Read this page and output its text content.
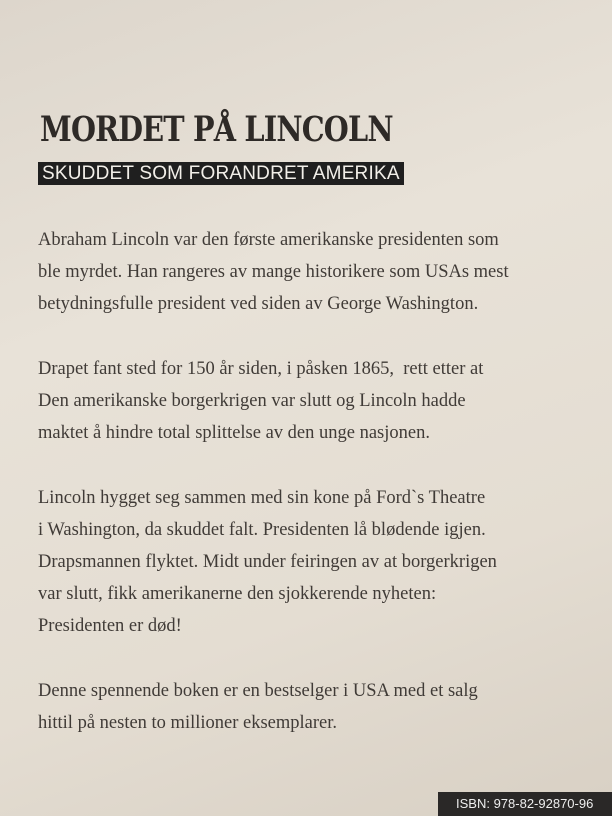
MORDET PÅ LINCOLN
SKUDDET SOM FORANDRET AMERIKA

Abraham Lincoln var den første amerikanske presidenten som
ble myrdet. Han rangeres av mange historikere som USAs mest
betydningsfulle president ved siden av George Washington.

Drapet fant sted for 150 år siden, i påsken 1865,  rett etter at
Den amerikanske borgerkrigen var slutt og Lincoln hadde
maktet å hindre total splittelse av den unge nasjonen.

Lincoln hygget seg sammen med sin kone på Ford`s Theatre
i Washington, da skuddet falt. Presidenten lå blødende igjen.
Drapsmannen flyktet. Midt under feiringen av at borgerkrigen
var slutt, fikk amerikanerne den sjokkerende nyheten:
Presidenten er død!

Denne spennende boken er en bestselger i USA med et salg
hittil på nesten to millioner eksemplarer.

ISBN: 978-82-92870-96
